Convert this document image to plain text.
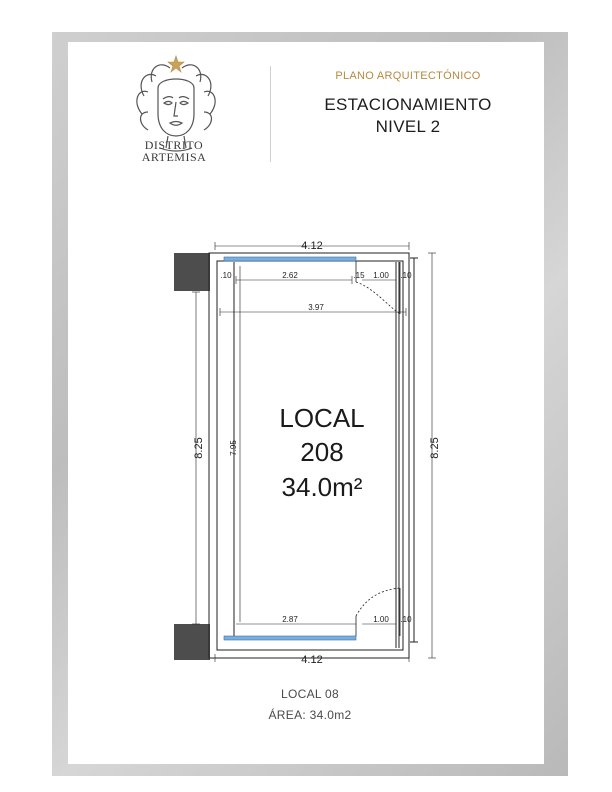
DISTRITO
ARTEMISA
PLANO ARQUITECTÓNICO
ESTACIONAMIENTO
NIVEL 2
4.12
4.12
2.62	1.00
3.97
2.87	1.00
.10	.15	.10
.10
8.25	8.25
7.95
LOCAL
208
34.0m²
LOCAL 08
ÁREA: 34.0m2
